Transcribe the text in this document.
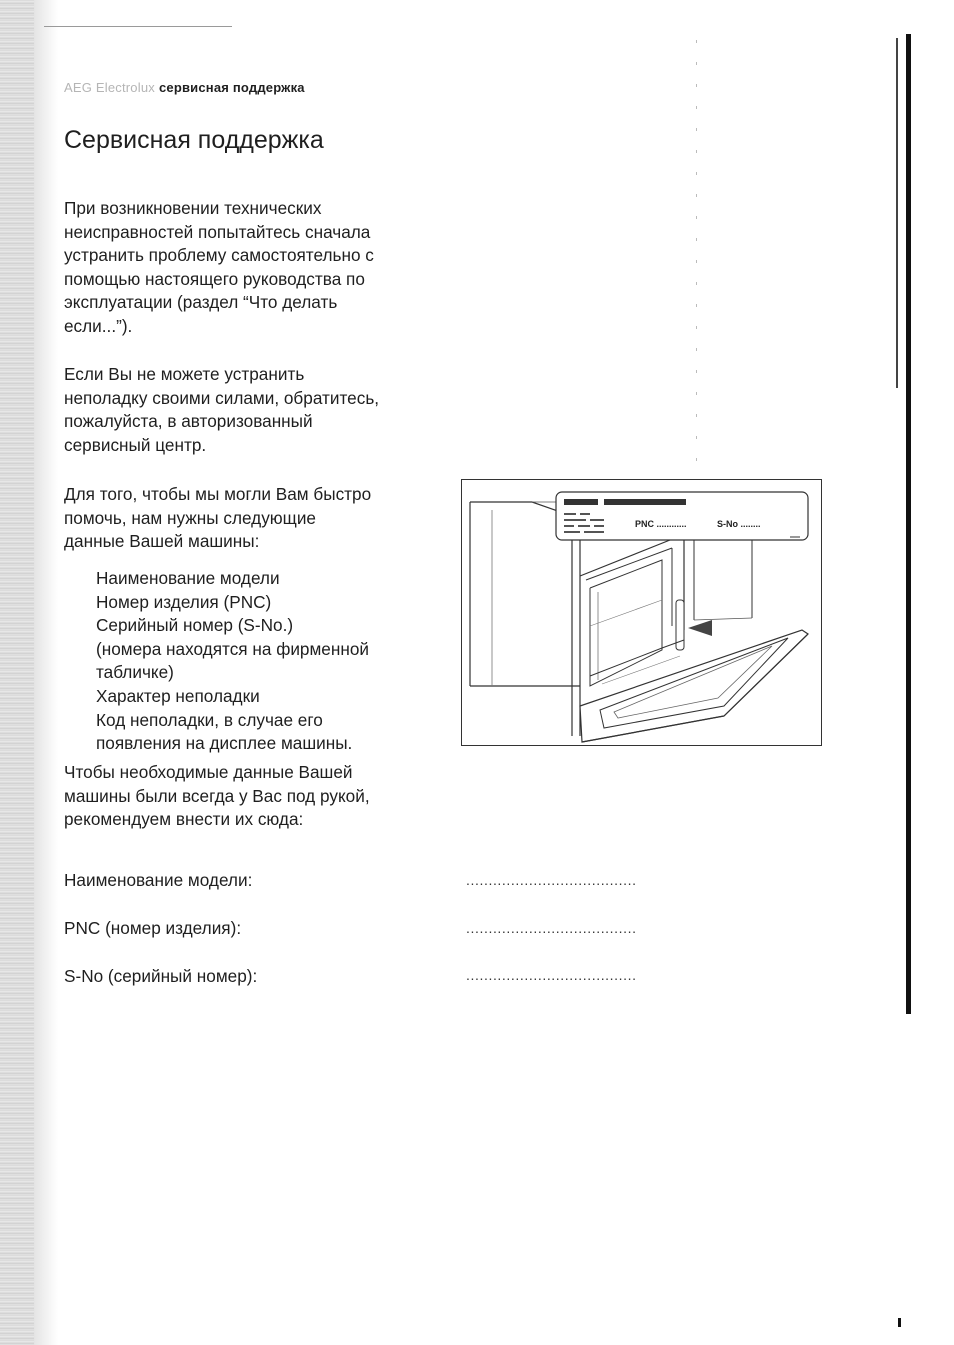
AEG Electrolux сервисная поддержка
Сервисная поддержка
При возникновении технических
неисправностей попытайтесь сначала
устранить проблему самостоятельно с
помощью настоящего руководства по
эксплуатации (раздел “Что делать
если...”).
Если Вы не можете устранить
неполадку своими силами, обратитесь,
пожалуйста, в авторизованный
сервисный центр.
Для того, чтобы мы могли Вам быстро
помочь, нам нужны следующие
данные Вашей машины:
Наименование модели
Номер изделия (PNC)
Серийный номер (S-No.)
(номера находятся на фирменной
табличке)
Характер неполадки
Код неполадки, в случае его
появления на дисплее машины.
Чтобы необходимые данные Вашей
машины были всегда у Вас под рукой,
рекомендуем внести их сюда:
Наименование модели:	......................................
PNC (номер изделия):	......................................
S-No (серийный номер):	......................................
PNC ............	S-No ........
